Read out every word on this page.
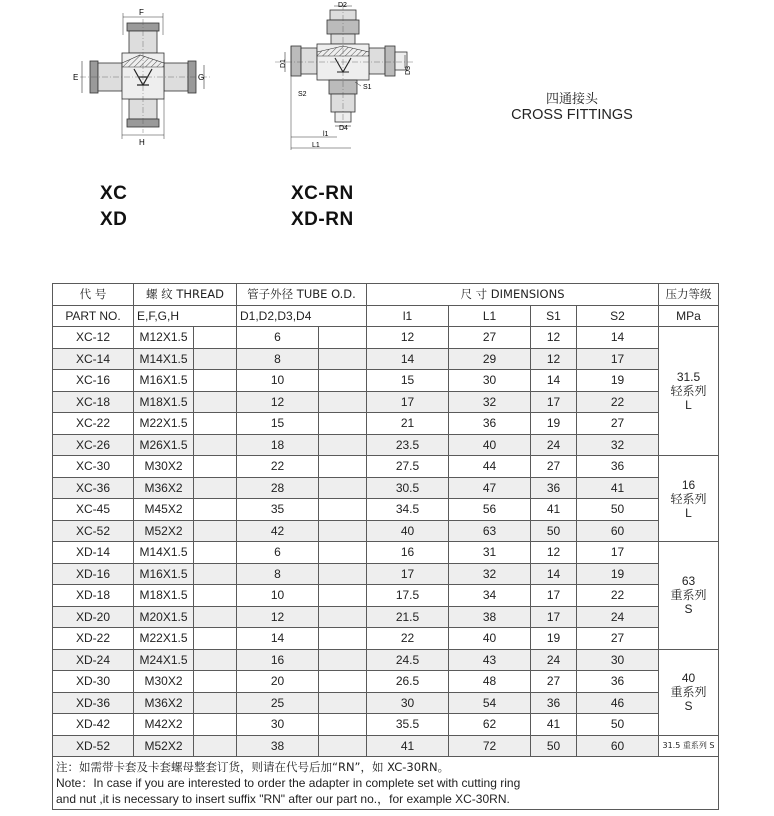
F
E	G
H
D2
D1
D3
D4
S1
S2
l1
L1
XC
XD
XC-RN
XD-RN
四通接头
CROSS FITTINGS
代 号	螺 纹 THREAD		管子外径 TUBE O.D.		尺 寸 DIMENSIONS				压力等级
PART NO.	E,F,G,H		D1,D2,D3,D4		l1	L1	S1	S2	MPa
XC-12	M12X1.5		6		12	27	12	14	31.5
轻系列
L

XC-14	M14X1.5		8		14	29	12	17	
XC-16	M16X1.5		10		15	30	14	19	
XC-18	M18X1.5		12		17	32	17	22	
XC-22	M22X1.5		15		21	36	19	27	
XC-26	M26X1.5		18		23.5	40	24	32	
XC-30	M30X2		22		27.5	44	27	36	16
轻系列
L

XC-36	M36X2		28		30.5	47	36	41	
XC-45	M45X2		35		34.5	56	41	50	
XC-52	M52X2		42		40	63	50	60	
XD-14	M14X1.5		6		16	31	12	17	63
重系列
S

XD-16	M16X1.5		8		17	32	14	19	
XD-18	M18X1.5		10		17.5	34	17	22	
XD-20	M20X1.5		12		21.5	38	17	24	
XD-22	M22X1.5		14		22	40	19	27	
XD-24	M24X1.5		16		24.5	43	24	30	40
重系列
S

XD-30	M30X2		20		26.5	48	27	36	
XD-36	M36X2		25		30	54	36	46	
XD-42	M42X2		30		35.5	62	41	50	
XD-52	M52X2		38		41	72	50	60	31.5 重系列 S

注：如需带卡套及卡套螺母整套订货，则请在代号后加“RN”，如 XC-30RN。
Note：In case if you are interested to order the adapter in complete set with cutting ring
and nut ,it is necessary to insert suffix "RN" after our part no.，for example XC-30RN.									
